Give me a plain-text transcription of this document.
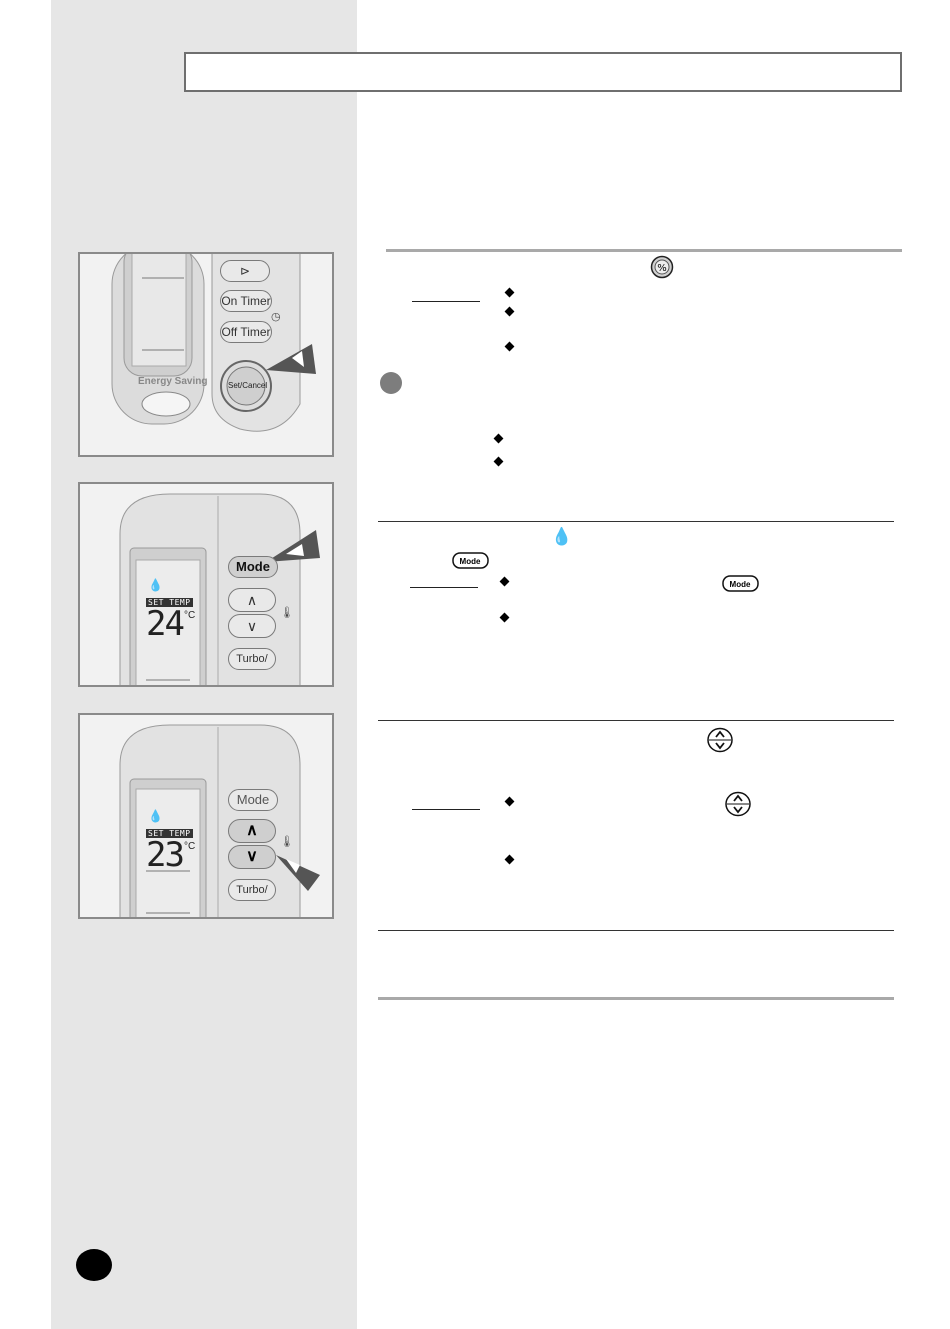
⊳
On Timer
Off Timer
◷
Set/Cancel
Energy Saving
Mode
∧
∨
🌡
Turbo/
💧
SET TEMP
24 °C
Mode
∧
∨
🌡
Turbo/
💧
SET TEMP
23 °C
%
💧
Mode
Mode
